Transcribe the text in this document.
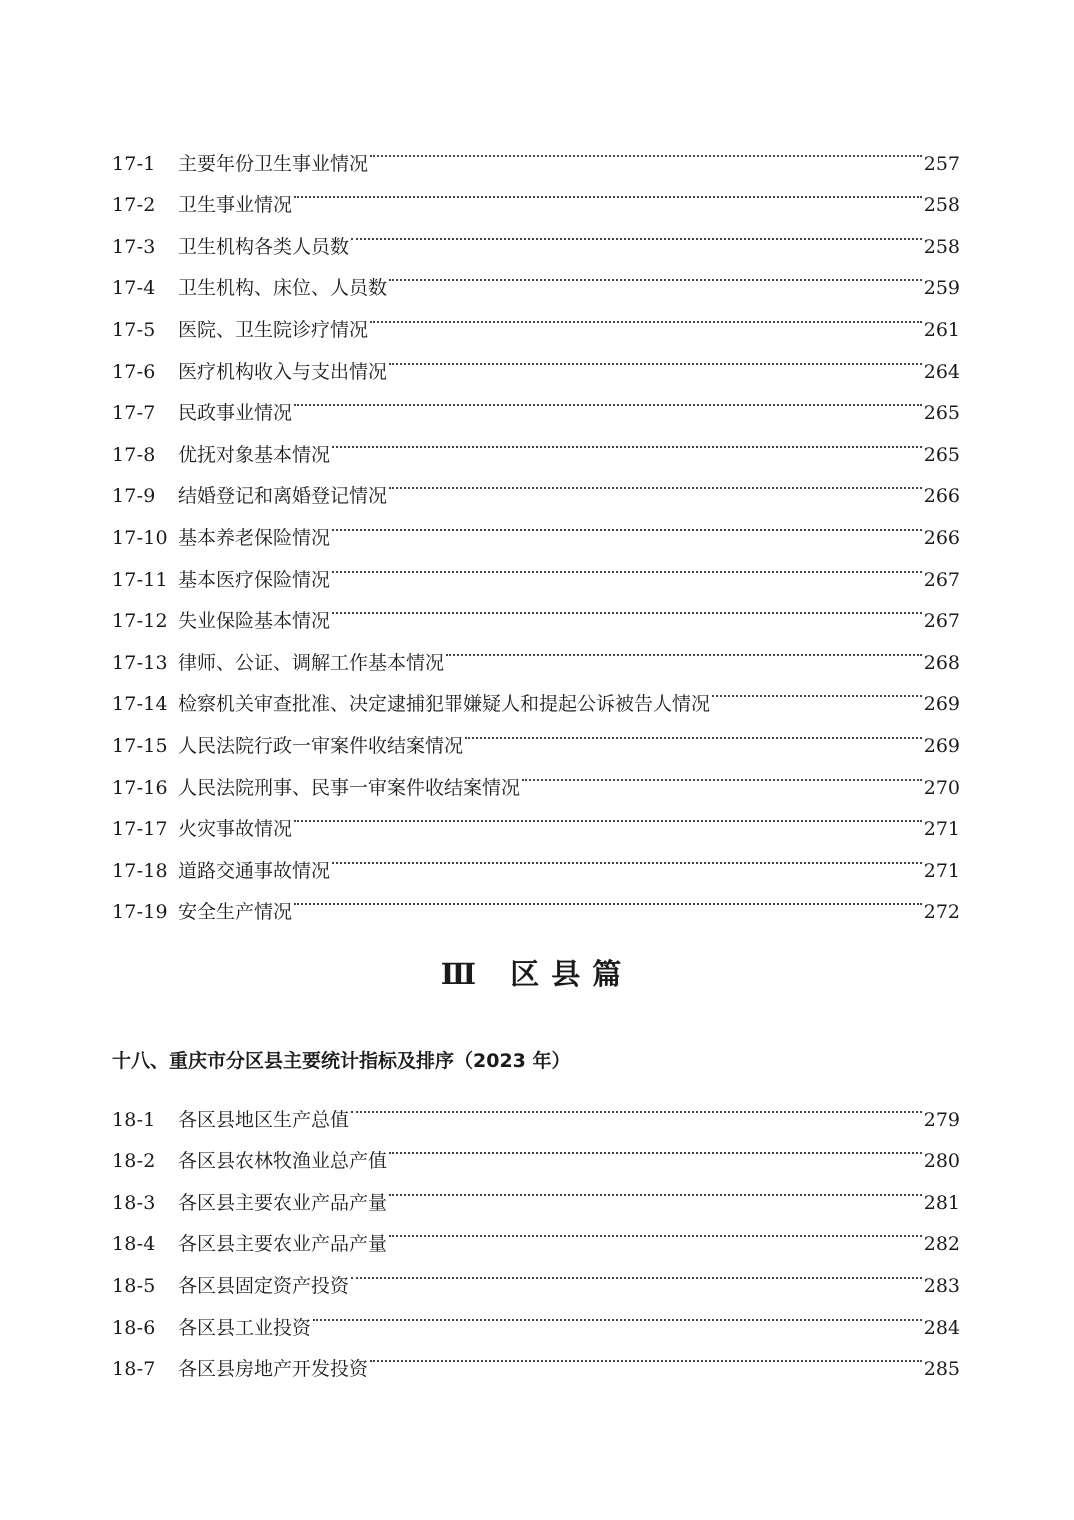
17-1	主要年份卫生事业情况	257
17-2	卫生事业情况	258
17-3	卫生机构各类人员数	258
17-4	卫生机构、床位、人员数	259
17-5	医院、卫生院诊疗情况	261
17-6	医疗机构收入与支出情况	264
17-7	民政事业情况	265
17-8	优抚对象基本情况	265
17-9	结婚登记和离婚登记情况	266
17-10 基本养老保险情况	266
17-11 基本医疗保险情况	267
17-12 失业保险基本情况	267
17-13 律师、公证、调解工作基本情况	268
17-14 检察机关审查批准、决定逮捕犯罪嫌疑人和提起公诉被告人情况	269
17-15 人民法院行政一审案件收结案情况	269
17-16 人民法院刑事、民事一审案件收结案情况	270
17-17 火灾事故情况	271
17-18 道路交通事故情况	271
17-19 安全生产情况	272
Ⅲ 区县篇
十八、重庆市分区县主要统计指标及排序（2023 年）
18-1	各区县地区生产总值	279
18-2	各区县农林牧渔业总产值	280
18-3	各区县主要农业产品产量	281
18-4	各区县主要农业产品产量	282
18-5	各区县固定资产投资	283
18-6	各区县工业投资	284
18-7	各区县房地产开发投资	285
